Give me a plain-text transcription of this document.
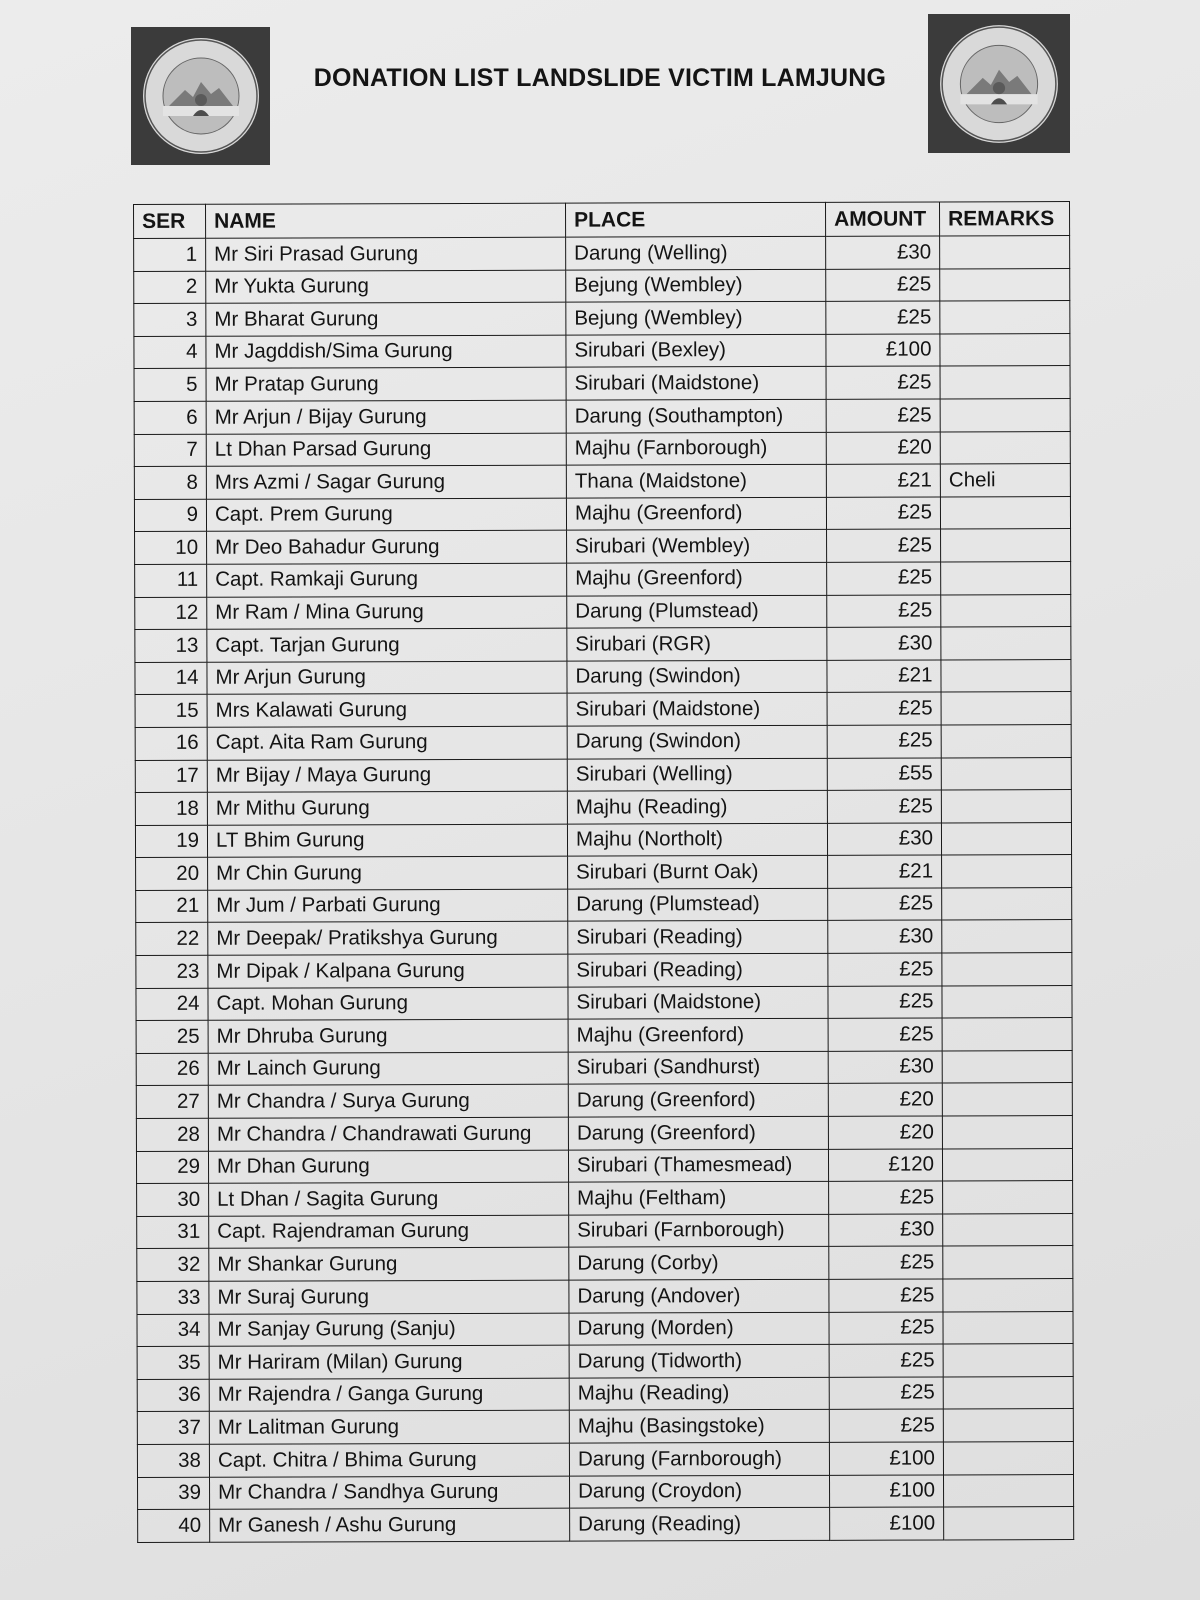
DONATION LIST LANDSLIDE VICTIM LAMJUNG
SER	NAME	PLACE	AMOUNT	REMARKS
1	Mr Siri Prasad Gurung	Darung (Welling)	£30	
2	Mr Yukta Gurung	Bejung (Wembley)	£25	
3	Mr Bharat Gurung	Bejung (Wembley)	£25	
4	Mr Jagddish/Sima Gurung	Sirubari (Bexley)	£100	
5	Mr Pratap Gurung	Sirubari (Maidstone)	£25	
6	Mr Arjun / Bijay Gurung	Darung (Southampton)	£25	
7	Lt Dhan Parsad Gurung	Majhu (Farnborough)	£20	
8	Mrs Azmi / Sagar Gurung	Thana (Maidstone)	£21	Cheli
9	Capt. Prem Gurung	Majhu (Greenford)	£25	
10	Mr Deo Bahadur Gurung	Sirubari (Wembley)	£25	
11	Capt. Ramkaji Gurung	Majhu (Greenford)	£25	
12	Mr Ram / Mina Gurung	Darung (Plumstead)	£25	
13	Capt. Tarjan Gurung	Sirubari (RGR)	£30	
14	Mr Arjun Gurung	Darung (Swindon)	£21	
15	Mrs Kalawati Gurung	Sirubari (Maidstone)	£25	
16	Capt. Aita Ram Gurung	Darung (Swindon)	£25	
17	Mr Bijay / Maya Gurung	Sirubari (Welling)	£55	
18	Mr Mithu Gurung	Majhu (Reading)	£25	
19	LT Bhim Gurung	Majhu (Northolt)	£30	
20	Mr Chin Gurung	Sirubari (Burnt Oak)	£21	
21	Mr Jum / Parbati Gurung	Darung (Plumstead)	£25	
22	Mr Deepak/ Pratikshya Gurung	Sirubari (Reading)	£30	
23	Mr Dipak / Kalpana Gurung	Sirubari (Reading)	£25	
24	Capt. Mohan Gurung	Sirubari (Maidstone)	£25	
25	Mr Dhruba Gurung	Majhu (Greenford)	£25	
26	Mr Lainch Gurung	Sirubari (Sandhurst)	£30	
27	Mr Chandra / Surya Gurung	Darung (Greenford)	£20	
28	Mr Chandra / Chandrawati Gurung	Darung (Greenford)	£20	
29	Mr Dhan Gurung	Sirubari (Thamesmead)	£120	
30	Lt Dhan / Sagita Gurung	Majhu (Feltham)	£25	
31	Capt. Rajendraman Gurung	Sirubari (Farnborough)	£30	
32	Mr Shankar Gurung	Darung (Corby)	£25	
33	Mr Suraj Gurung	Darung (Andover)	£25	
34	Mr Sanjay Gurung (Sanju)	Darung (Morden)	£25	
35	Mr Hariram (Milan) Gurung	Darung (Tidworth)	£25	
36	Mr Rajendra / Ganga Gurung	Majhu (Reading)	£25	
37	Mr Lalitman Gurung	Majhu (Basingstoke)	£25	
38	Capt. Chitra / Bhima Gurung	Darung (Farnborough)	£100	
39	Mr Chandra / Sandhya Gurung	Darung (Croydon)	£100	
40	Mr Ganesh / Ashu Gurung	Darung (Reading)	£100	
